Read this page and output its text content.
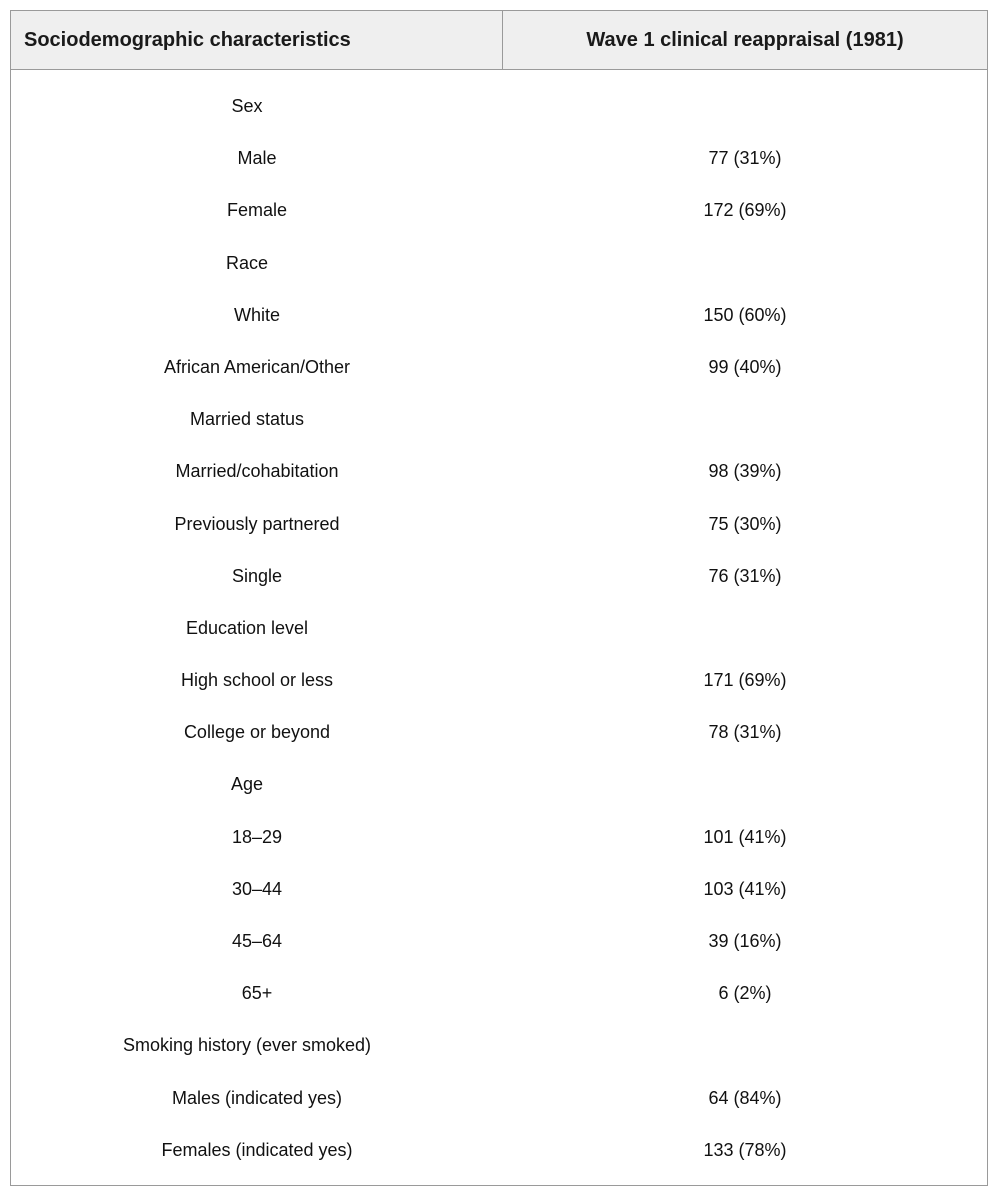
Sociodemographic characteristics	Wave 1 clinical reappraisal (1981)
Sex
Male	77 (31%)
Female	172 (69%)
Race
White	150 (60%)
African American/Other	99 (40%)
Married status
Married/cohabitation	98 (39%)
Previously partnered	75 (30%)
Single	76 (31%)
Education level
High school or less	171 (69%)
College or beyond	78 (31%)
Age
18–29	101 (41%)
30–44	103 (41%)
45–64	39 (16%)
65+	6 (2%)
Smoking history (ever smoked)
Males (indicated yes)	64 (84%)
Females (indicated yes)	133 (78%)
